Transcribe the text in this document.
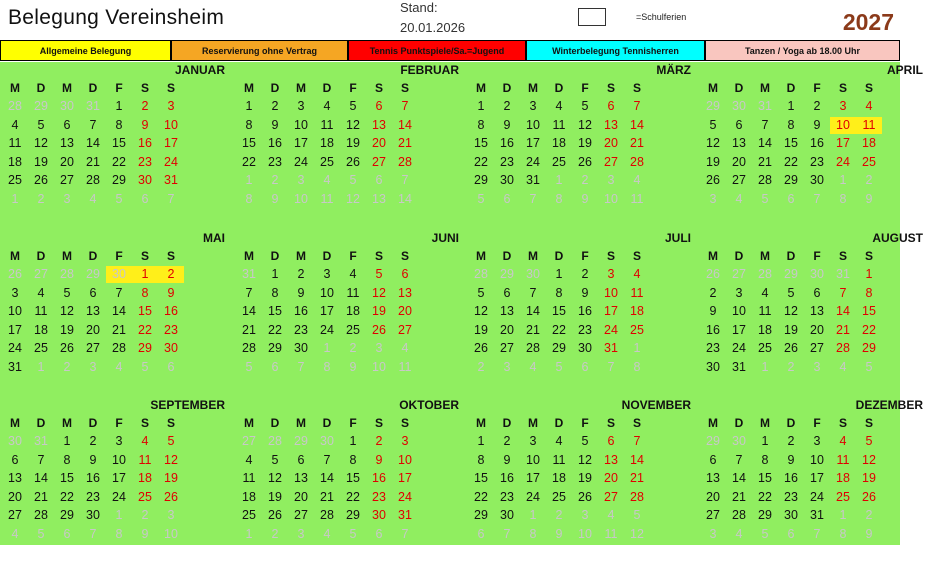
Belegung Vereinsheim	Stand:
20.01.2026
=Schulferien	2027
Allgemeine Belegung	Reservierung ohne Vertrag	Tennis Punktspiele/Sa.=Jugend	Winterbelegung Tennisherren	Tanzen / Yoga ab 18.00 Uhr
JANUAR
M	D	M	D	F	S	S
28 29 30 31	1	2	3
4	5	6	7	8	9	10
11	12 13 14 15 16 17
18 19 20 21 22 23 24
25 26 27 28 29 30 31
1	2	3	4	5	6	7
FEBRUAR
M	D	M	D	F	S	S
1	2	3	4	5	6	7
8	9	10	11	12 13 14
15 16 17 18 19 20 21
22 23 24 25 26 27 28
1	2	3	4	5	6	7
8	9	10	11	12 13 14
MÄRZ
M	D	M	D	F	S	S
1	2	3	4	5	6	7
8	9	10	11	12 13 14
15 16 17 18 19 20 21
22 23 24 25 26 27 28
29 30 31	1	2	3	4
5	6	7	8	9	10	11
APRIL
M	D	M	D	F	S	S
29 30 31	1	2	3	4
5	6	7	8	9	10	11
12 13 14 15 16 17 18
19 20 21 22 23 24 25
26 27 28 29 30	1	2
3	4	5	6	7	8	9
MAI
M	D	M	D	F	S	S
26 27 28 29 30	1	2
3	4	5	6	7	8	9
10	11	12 13 14 15 16
17 18 19 20 21 22 23
24 25 26 27 28 29 30
31	1	2	3	4	5	6
JUNI
M	D	M	D	F	S	S
31	1	2	3	4	5	6
7	8	9	10	11	12 13
14 15 16 17 18 19 20
21 22 23 24 25 26 27
28 29 30	1	2	3	4
5	6	7	8	9	10	11
JULI
M	D	M	D	F	S	S
28 29 30	1	2	3	4
5	6	7	8	9	10	11
12 13 14 15 16 17 18
19 20 21 22 23 24 25
26 27 28 29 30 31	1
2	3	4	5	6	7	8
AUGUST
M	D	M	D	F	S	S
26 27 28 29 30 31	1
2	3	4	5	6	7	8
9	10	11	12 13 14 15
16 17 18 19 20 21 22
23 24 25 26 27 28 29
30 31	1	2	3	4	5
SEPTEMBER
M	D	M	D	F	S	S
30 31	1	2	3	4	5
6	7	8	9	10	11	12
13 14 15 16 17 18 19
20 21 22 23 24 25 26
27 28 29 30	1	2	3
4	5	6	7	8	9	10
OKTOBER
M	D	M	D	F	S	S
27 28 29 30	1	2	3
4	5	6	7	8	9	10
11	12 13 14 15 16 17
18 19 20 21 22 23 24
25 26 27 28 29 30 31
1	2	3	4	5	6	7
NOVEMBER
M	D	M	D	F	S	S
1	2	3	4	5	6	7
8	9	10	11	12 13 14
15 16 17 18 19 20 21
22 23 24 25 26 27 28
29 30	1	2	3	4	5
6	7	8	9	10	11	12
DEZEMBER
M	D	M	D	F	S	S
29 30	1	2	3	4	5
6	7	8	9	10	11	12
13 14 15 16 17 18 19
20 21 22 23 24 25 26
27 28 29 30 31	1	2
3	4	5	6	7	8	9
